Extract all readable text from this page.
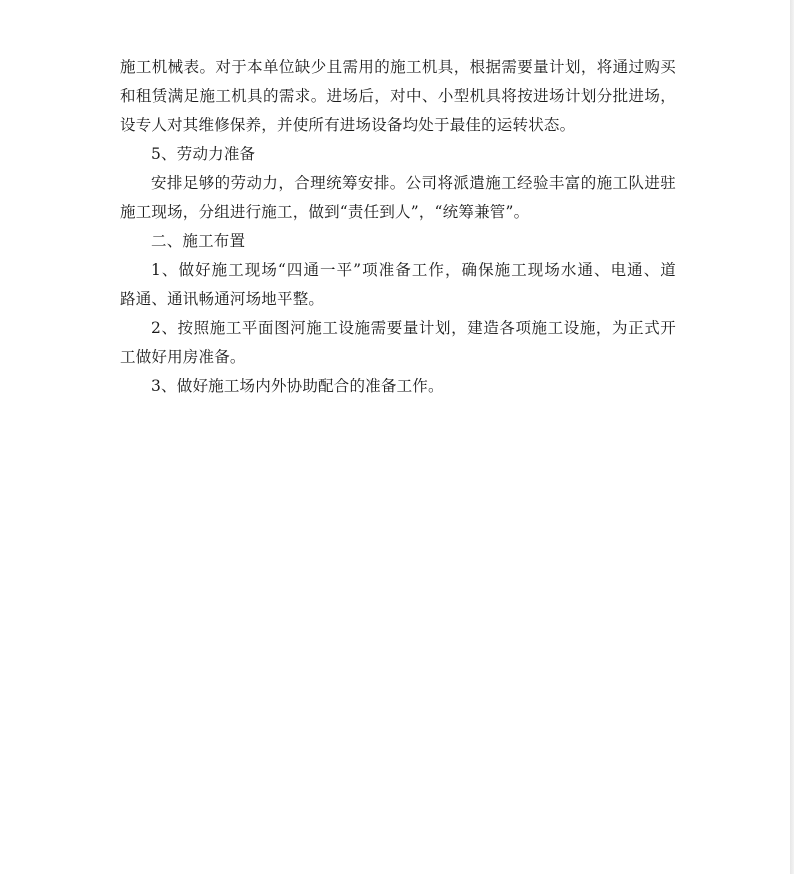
施工机械表。对于本单位缺少且需用的施工机具，根据需要量计划，将通过购买
和租赁满足施工机具的需求。进场后，对中、小型机具将按进场计划分批进场，
设专人对其维修保养，并使所有进场设备均处于最佳的运转状态。
5、劳动力准备
安排足够的劳动力，合理统筹安排。公司将派遣施工经验丰富的施工队进驻
施工现场，分组进行施工，做到“责任到人”，“统筹兼管”。
二、施工布置
1、做好施工现场“四通一平”项准备工作，确保施工现场水通、电通、道
路通、通讯畅通河场地平整。
2、按照施工平面图河施工设施需要量计划，建造各项施工设施，为正式开
工做好用房准备。
3、做好施工场内外协助配合的准备工作。
